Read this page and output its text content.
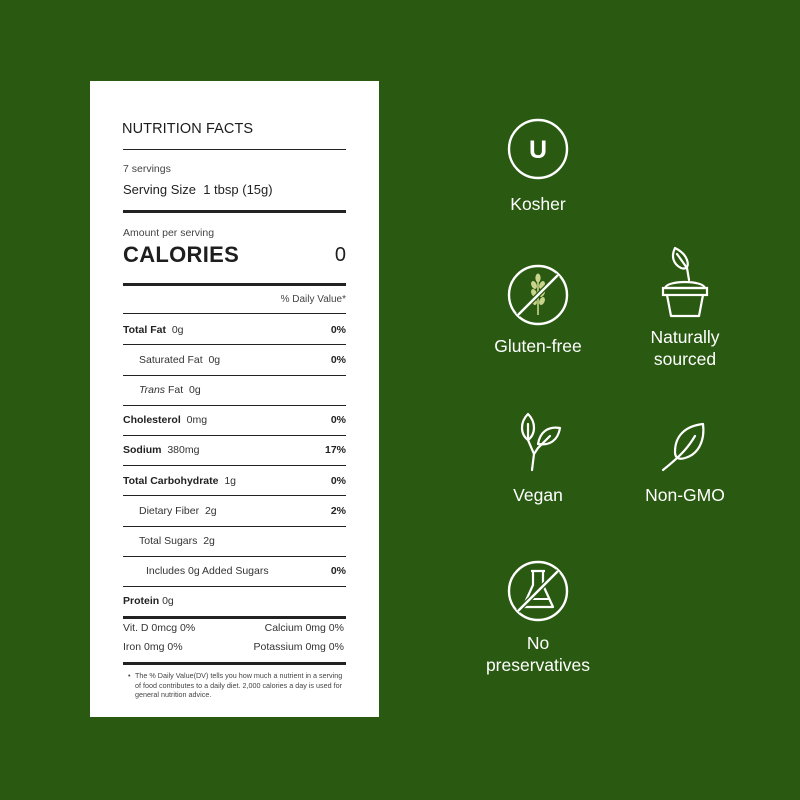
NUTRITION FACTS
7 servings
Serving Size 1 tbsp (15g)
Amount per serving
CALORIES	0
% Daily Value*
Total Fat 0g	0%
Saturated Fat 0g	0%
Trans Fat 0g
Cholesterol 0mg	0%
Sodium 380mg	17%
Total Carbohydrate 1g	0%
Dietary Fiber 2g	2%
Total Sugars 2g
Includes 0g Added Sugars	0%
Protein 0g
Vit. D 0mcg 0%	Calcium 0mg 0%
Iron 0mg 0%	Potassium 0mg 0%
• The % Daily Value(DV) tells you how much a nutrient in a serving of food contributes to a daily diet. 2,000 calories a day is used for general nutrition advice.
U
Kosher
Gluten-free	Naturally
sourced
Vegan	Non-GMO
No
preservatives
